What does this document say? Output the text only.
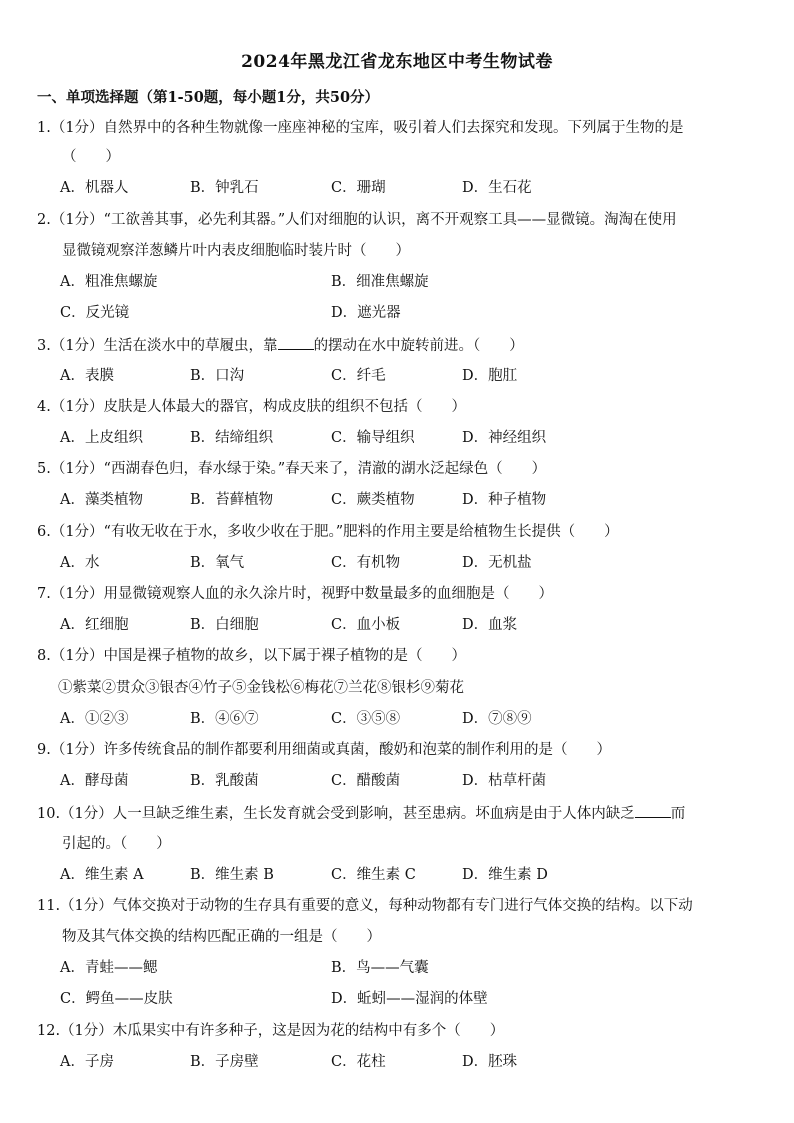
2024年黑龙江省龙东地区中考生物试卷
一、单项选择题（第1-50题，每小题1分，共50分）
1.（1分）自然界中的各种生物就像一座座神秘的宝库，吸引着人们去探究和发现。下列属于生物的是
（　　）
A．机器人	B．钟乳石	C．珊瑚	D．生石花
2.（1分）“工欲善其事，必先利其器。”人们对细胞的认识，离不开观察工具——显微镜。淘淘在使用
显微镜观察洋葱鳞片叶内表皮细胞临时装片时（　　）
A．粗准焦螺旋	B．细准焦螺旋
C．反光镜	D．遮光器
3.（1分）生活在淡水中的草履虫，靠 的摆动在水中旋转前进。（　　）
A．表膜	B．口沟	C．纤毛	D．胞肛
4.（1分）皮肤是人体最大的器官，构成皮肤的组织不包括（　　）
A．上皮组织	B．结缔组织	C．输导组织	D．神经组织
5.（1分）“西湖春色归，春水绿于染。”春天来了，清澈的湖水泛起绿色（　　）
A．藻类植物	B．苔藓植物	C．蕨类植物	D．种子植物
6.（1分）“有收无收在于水，多收少收在于肥。”肥料的作用主要是给植物生长提供（　　）
A．水	B．氧气	C．有机物	D．无机盐
7.（1分）用显微镜观察人血的永久涂片时，视野中数量最多的血细胞是（　　）
A．红细胞	B．白细胞	C．血小板	D．血浆
8.（1分）中国是裸子植物的故乡，以下属于裸子植物的是（　　）
①紫菜②贯众③银杏④竹子⑤金钱松⑥梅花⑦兰花⑧银杉⑨菊花
A．①②③	B．④⑥⑦	C．③⑤⑧	D．⑦⑧⑨
9.（1分）许多传统食品的制作都要利用细菌或真菌，酸奶和泡菜的制作利用的是（　　）
A．酵母菌	B．乳酸菌	C．醋酸菌	D．枯草杆菌
10.（1分）人一旦缺乏维生素，生长发育就会受到影响，甚至患病。坏血病是由于人体内缺乏 而
引起的。（　　）
A．维生素 A	B．维生素 B	C．维生素 C	D．维生素 D
11.（1分）气体交换对于动物的生存具有重要的意义，每种动物都有专门进行气体交换的结构。以下动
物及其气体交换的结构匹配正确的一组是（　　）
A．青蛙——鳃	B．鸟——气囊
C．鳄鱼——皮肤	D．蚯蚓——湿润的体壁
12.（1分）木瓜果实中有许多种子，这是因为花的结构中有多个（　　）
A．子房	B．子房壁	C．花柱	D．胚珠
